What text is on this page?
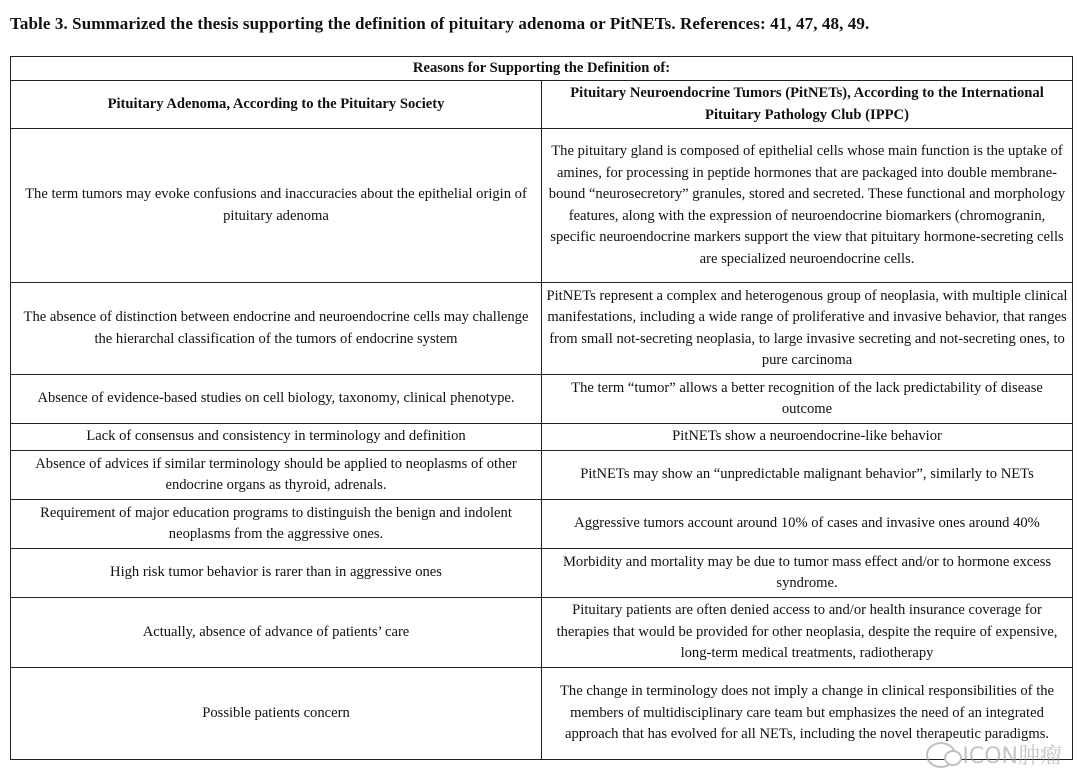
Table 3. Summarized the thesis supporting the definition of pituitary adenoma or PitNETs. References: 41, 47, 48, 49.
Reasons for Supporting the Definition of:	
Pituitary Adenoma, According to the Pituitary Society	Pituitary Neuroendocrine Tumors (PitNETs), According to the International Pituitary Pathology Club (IPPC)
The term tumors may evoke confusions and inaccuracies about the epithelial origin of pituitary adenoma	The pituitary gland is composed of epithelial cells whose main function is the uptake of amines, for processing in peptide hormones that are packaged into double membrane-bound “neurosecretory” granules, stored and secreted. These functional and morphology features, along with the expression of neuroendocrine biomarkers (chromogranin, specific neuroendocrine markers support the view that pituitary hormone-secreting cells are specialized neuroendocrine cells.
The absence of distinction between endocrine and neuroendocrine cells may challenge the hierarchal classification of the tumors of endocrine system	PitNETs represent a complex and heterogenous group of neoplasia, with multiple clinical manifestations, including a wide range of proliferative and invasive behavior, that ranges from small not-secreting neoplasia, to large invasive secreting and not-secreting ones, to pure carcinoma
Absence of evidence-based studies on cell biology, taxonomy, clinical phenotype.	The term “tumor” allows a better recognition of the lack predictability of disease outcome
Lack of consensus and consistency in terminology and definition	PitNETs show a neuroendocrine-like behavior
Absence of advices if similar terminology should be applied to neoplasms of other endocrine organs as thyroid, adrenals.	PitNETs may show an “unpredictable malignant behavior”, similarly to NETs
Requirement of major education programs to distinguish the benign and indolent neoplasms from the aggressive ones.	Aggressive tumors account around 10% of cases and invasive ones around 40%
High risk tumor behavior is rarer than in aggressive ones	Morbidity and mortality may be due to tumor mass effect and/or to hormone excess syndrome.
Actually, absence of advance of patients’ care	Pituitary patients are often denied access to and/or health insurance coverage for therapies that would be provided for other neoplasia, despite the require of expensive, long-term medical treatments, radiotherapy
Possible patients concern	The change in terminology does not imply a change in clinical responsibilities of the members of multidisciplinary care team but emphasizes the need of an integrated approach that has evolved for all NETs, including the novel therapeutic paradigms.
ICON肿瘤
